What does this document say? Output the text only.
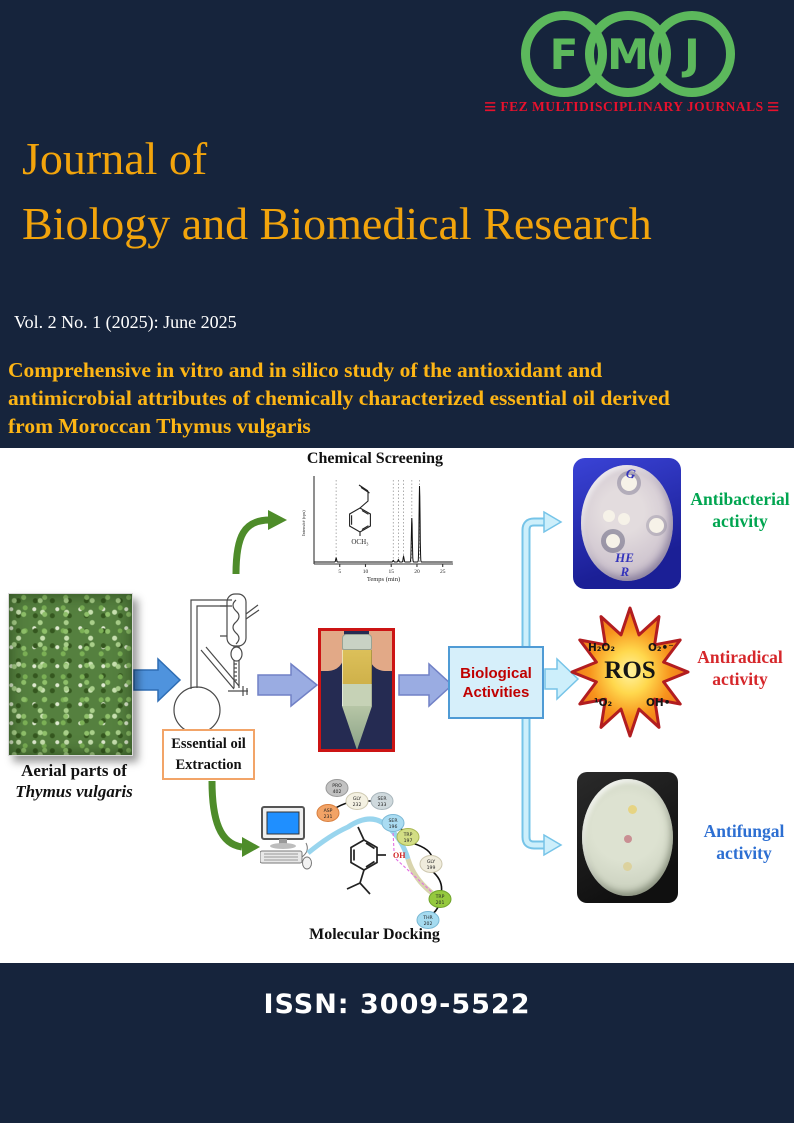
F M J
≡ FEZ MULTIDISCIPLINARY JOURNALS ≡
Journal of
Biology and Biomedical Research
Vol. 2 No. 1 (2025): June 2025
Comprehensive in vitro and in silico study of the antioxidant and
antimicrobial attributes of chemically characterized essential oil derived
from Moroccan Thymus vulgaris
Aerial parts of
Thymus vulgaris
Essential oil
Extraction
Chemical Screening
OCH₃
5	10	15	20	25
Temps (min)
Intensité (cps)
Biological
Activities
H₂O₂	O₂•⁻
ROS
¹O₂	OH•
G
HE
R
Antibacterial
activity
Antiradical
activity
Antifungal
activity
OH
PRO
402
GLY
232
SER
233
ASP
231
SER
196
TRP
197
GLY
199
TRP
201
THR
202
Molecular Docking
ISSN: 3009-5522
